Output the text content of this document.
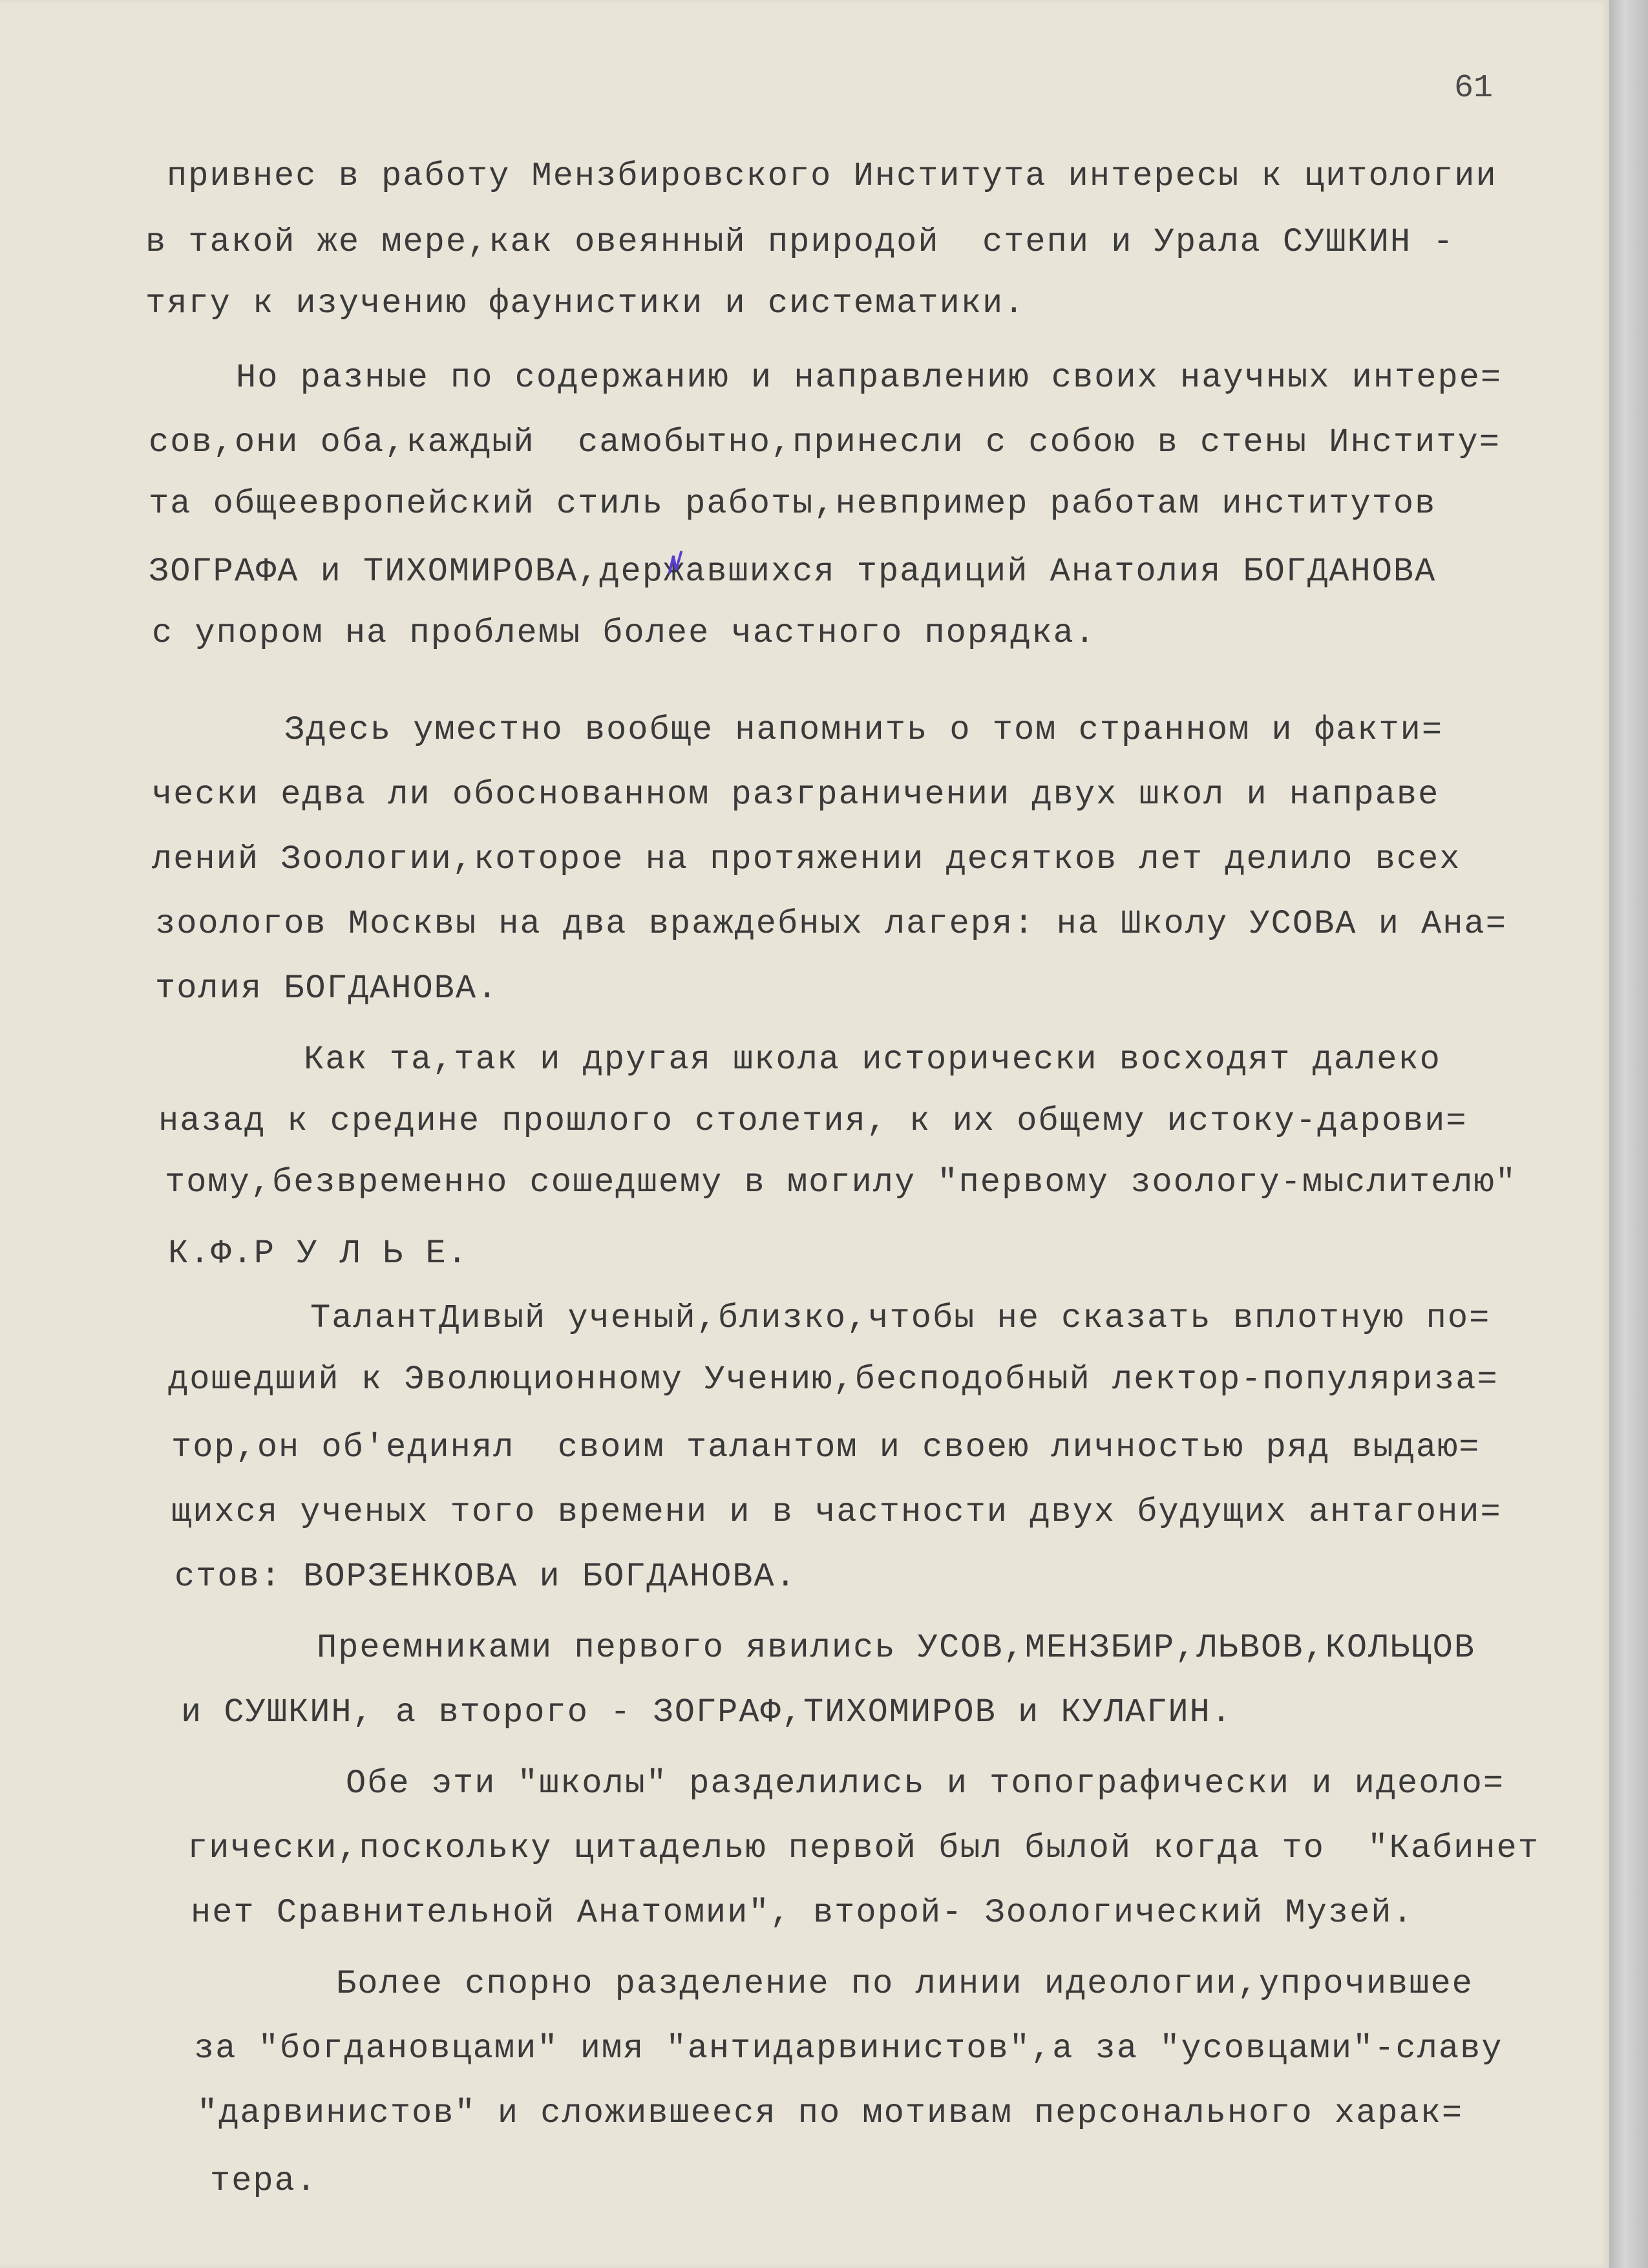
61
привнес в работу Мензбировского Института интересы к цитологии
в такой же мере,как овеянный природой  степи и Урала СУШКИН -
тягу к изучению фаунистики и систематики.
Но разные по содержанию и направлению своих научных интере=
сов,они оба,каждый  самобытно,принесли с собою в стены Институ=
та общеевропейский стиль работы,невпример работам институтов
ЗОГРАФА и ТИХОМИРОВА,державшихся традиций Анатолия БОГДАНОВА
с упором на проблемы более частного порядка.
Здесь уместно вообще напомнить о том странном и факти=
чески едва ли обоснованном разграничении двух школ и направе
лений Зоологии,которое на протяжении десятков лет делило всех
зоологов Москвы на два враждебных лагеря: на Школу УСОВА и Ана=
толия БОГДАНОВА.
Как та,так и другая школа исторически восходят далеко
назад к средине прошлого столетия, к их общему истоку-дарови=
тому,безвременно сошедшему в могилу "первому зоологу-мыслителю"
К.Ф.Р У Л Ь Е.
ТалантДивый ученый,близко,чтобы не сказать вплотную по=
дошедший к Эволюционному Учению,бесподобный лектор-популяриза=
тор,он об'единял  своим талантом и своею личностью ряд выдаю=
щихся ученых того времени и в частности двух будущих антагони=
стов: ВОРЗЕНКОВА и БОГДАНОВА.
Преемниками первого явились УСОВ,МЕНЗБИР,ЛЬВОВ,КОЛЬЦОВ
и СУШКИН, а второго - ЗОГРАФ,ТИХОМИРОВ и КУЛАГИН.
Обе эти "школы" разделились и топографически и идеоло=
гически,поскольку цитаделью первой был былой когда то  "Кабинет
нет Сравнительной Анатомии", второй- Зоологический Музей.
Более спорно разделение по линии идеологии,упрочившее
за "богдановцами" имя "антидарвинистов",а за "усовцами"-славу
"дарвинистов" и сложившееся по мотивам персонального харак=
тера.
